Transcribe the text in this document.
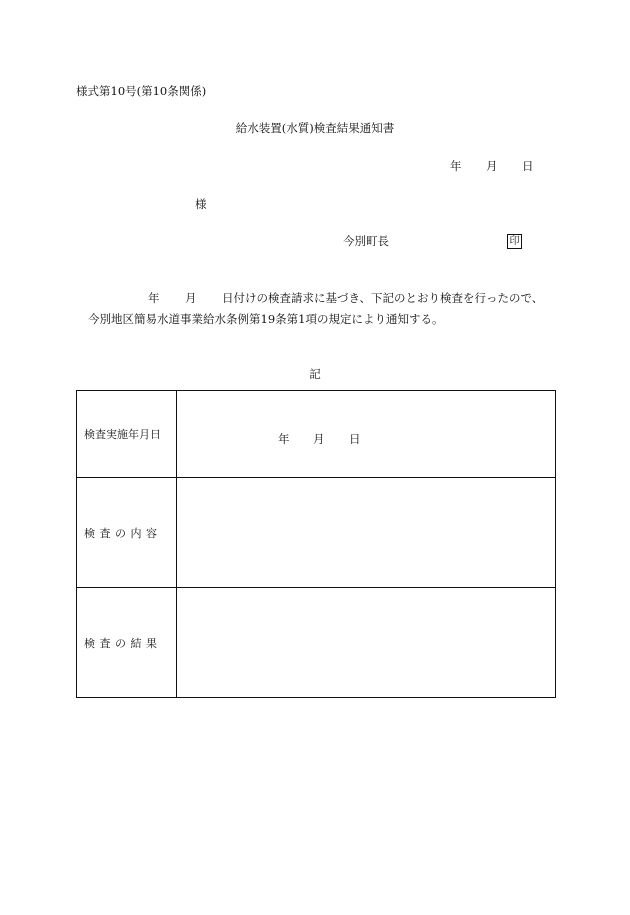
様式第10号(第10条関係)
給水装置(水質)検査結果通知書
年 月 日
様
今別町長	印
年 月 日付けの検査請求に基づき、下記のとおり検査を行ったので、
今別地区簡易水道事業給水条例第19条第1項の規定により通知する。
記
検査実施年月日	年 月 日

検査の内容	

検査の結果	
